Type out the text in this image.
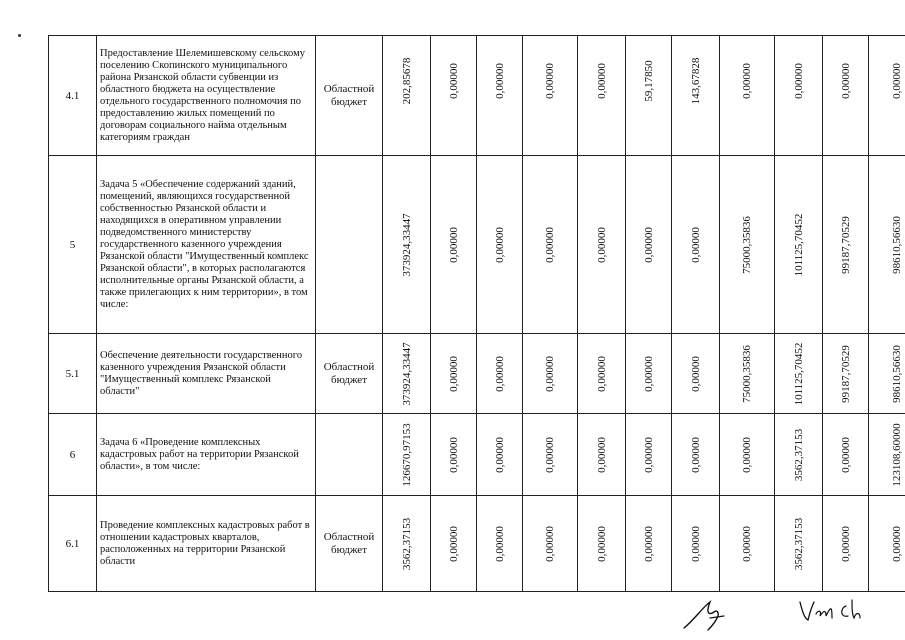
4.1	Предоставление Шелемишевскому сельскому поселению Скопинского муниципального района Рязанской области субвенции из областного бюджета на осуществление отдельного государственного полномочия по предоставлению жилых помещений по договорам социального найма отдельным категориям граждан	Областной бюджет	202,85678	0,00000	0,00000	0,00000	0,00000	59,17850	143,67828	0,00000	0,00000	0,00000	0,00000

5	Задача 5 «Обеспечение содержаний зданий, помещений, являющихся государственной собственностью Рязанской области и находящихся в оперативном управлении подведомственного министерству государственного казенного учреждения Рязанской области "Имущественный комплекс Рязанской области", в которых располагаются исполнительные органы Рязанской области, а также прилегающих к ним территории», в том числе:		373924,33447	0,00000	0,00000	0,00000	0,00000	0,00000	0,00000	75000,35836	101125,70452	99187,70529	98610,56630

5.1	Обеспечение деятельности государственного казенного учреждения Рязанской области "Имущественный комплекс Рязанской области"	Областной бюджет	373924,33447	0,00000	0,00000	0,00000	0,00000	0,00000	0,00000	75000,35836	101125,70452	99187,70529	98610,56630

6	Задача 6 «Проведение комплексных кадастровых работ на территории Рязанской области», в том числе:		126670,97153	0,00000	0,00000	0,00000	0,00000	0,00000	0,00000	0,00000	3562,37153	0,00000	123108,60000

6.1	Проведение комплексных кадастровых работ в отношении кадастровых кварталов, расположенных на территории Рязанской области	Областной бюджет	3562,37153	0,00000	0,00000	0,00000	0,00000	0,00000	0,00000	0,00000	3562,37153	0,00000	0,00000
